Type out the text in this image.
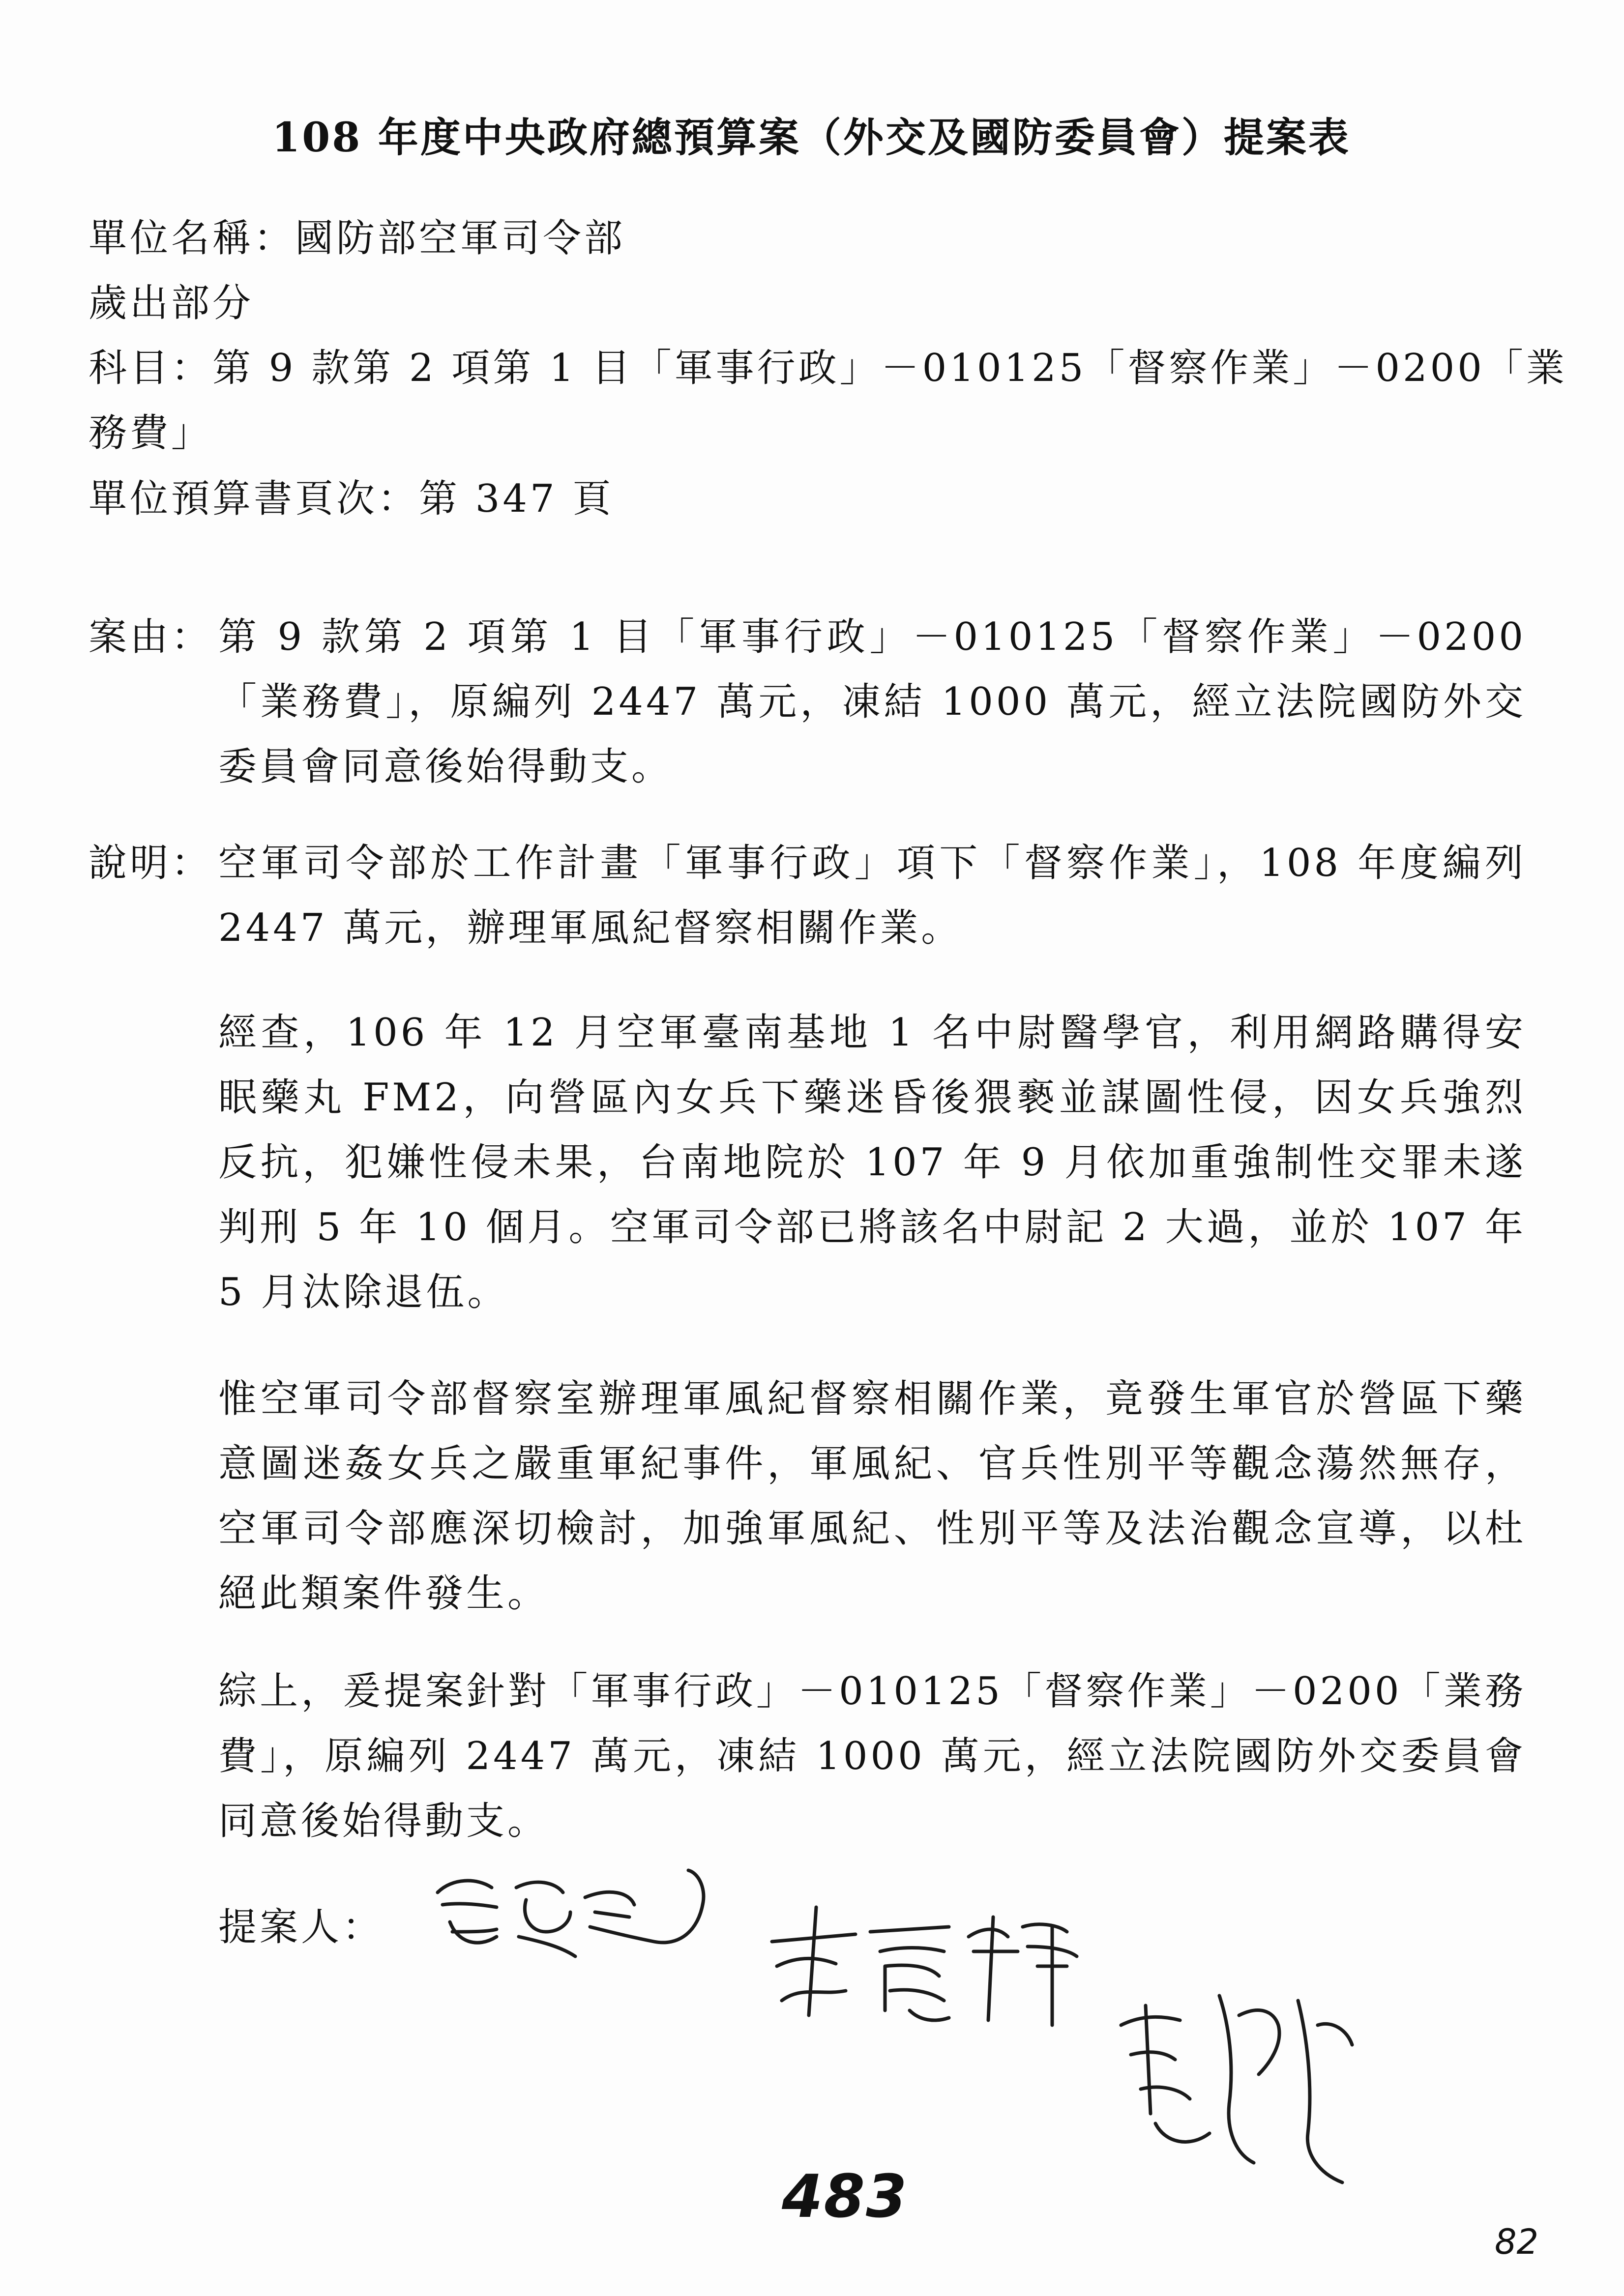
108 年度中央政府總預算案（外交及國防委員會）提案表
單位名稱：國防部空軍司令部
歲出部分
科目：第 9 款第 2 項第 1 目「軍事行政」－010125「督察作業」－0200「業
務費」
單位預算書頁次：第 347 頁
案由： 第 9 款第 2 項第 1 目「軍事行政」－010125「督察作業」－0200「業務費」，原編列 2447 萬元，凍結 1000 萬元，經立法院國防外交委員會同意後始得動支。
說明： 空軍司令部於工作計畫「軍事行政」項下「督察作業」，108 年度編列 2447 萬元，辦理軍風紀督察相關作業。
經查，106 年 12 月空軍臺南基地 1 名中尉醫學官，利用網路購得安眠藥丸 FM2，向營區內女兵下藥迷昏後猥褻並謀圖性侵，因女兵強烈反抗，犯嫌性侵未果，台南地院於 107 年 9 月依加重強制性交罪未遂判刑 5 年 10 個月。空軍司令部已將該名中尉記 2 大過，並於 107 年 5 月汰除退伍。
惟空軍司令部督察室辦理軍風紀督察相關作業，竟發生軍官於營區下藥意圖迷姦女兵之嚴重軍紀事件，軍風紀、官兵性別平等觀念蕩然無存，空軍司令部應深切檢討，加強軍風紀、性別平等及法治觀念宣導，以杜絕此類案件發生。
綜上，爰提案針對「軍事行政」－010125「督察作業」－0200「業務費」，原編列 2447 萬元，凍結 1000 萬元，經立法院國防外交委員會同意後始得動支。
提案人：
483
82
